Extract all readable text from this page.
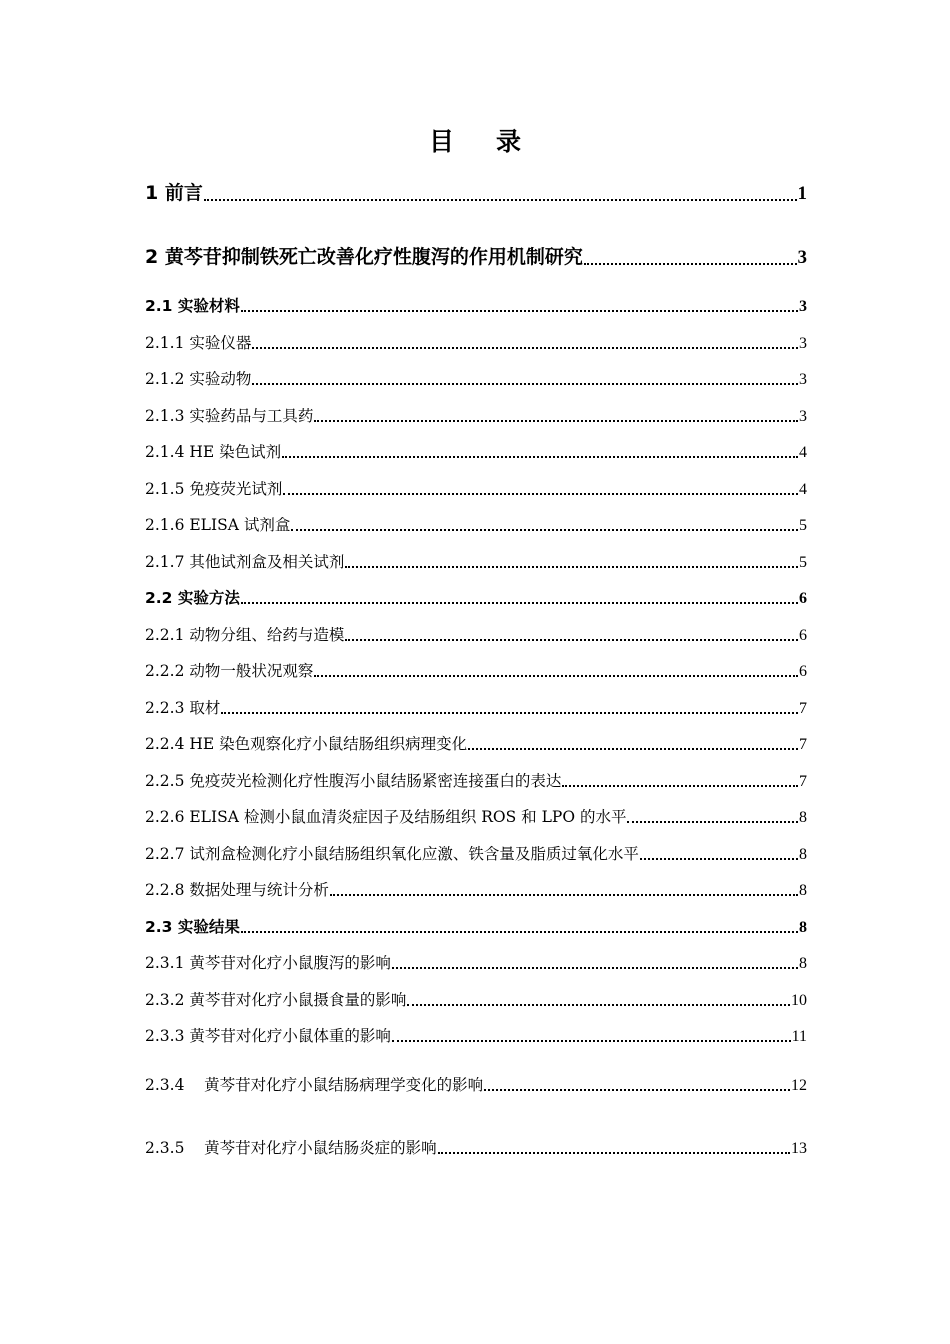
目录
1 前言	1
2 黄芩苷抑制铁死亡改善化疗性腹泻的作用机制研究	3
2.1 实验材料	3
2.1.1 实验仪器	3
2.1.2 实验动物	3
2.1.3 实验药品与工具药	3
2.1.4 HE 染色试剂	4
2.1.5 免疫荧光试剂	4
2.1.6 ELISA 试剂盒	5
2.1.7 其他试剂盒及相关试剂	5
2.2 实验方法	6
2.2.1 动物分组、给药与造模	6
2.2.2 动物一般状况观察	6
2.2.3 取材	7
2.2.4 HE 染色观察化疗小鼠结肠组织病理变化	7
2.2.5 免疫荧光检测化疗性腹泻小鼠结肠紧密连接蛋白的表达	7
2.2.6 ELISA 检测小鼠血清炎症因子及结肠组织 ROS 和 LPO 的水平	8
2.2.7 试剂盒检测化疗小鼠结肠组织氧化应激、铁含量及脂质过氧化水平	8
2.2.8 数据处理与统计分析	8
2.3 实验结果	8
2.3.1 黄芩苷对化疗小鼠腹泻的影响	8
2.3.2 黄芩苷对化疗小鼠摄食量的影响	10
2.3.3 黄芩苷对化疗小鼠体重的影响	11
2.3.4    黄芩苷对化疗小鼠结肠病理学变化的影响	12
2.3.5    黄芩苷对化疗小鼠结肠炎症的影响	13
